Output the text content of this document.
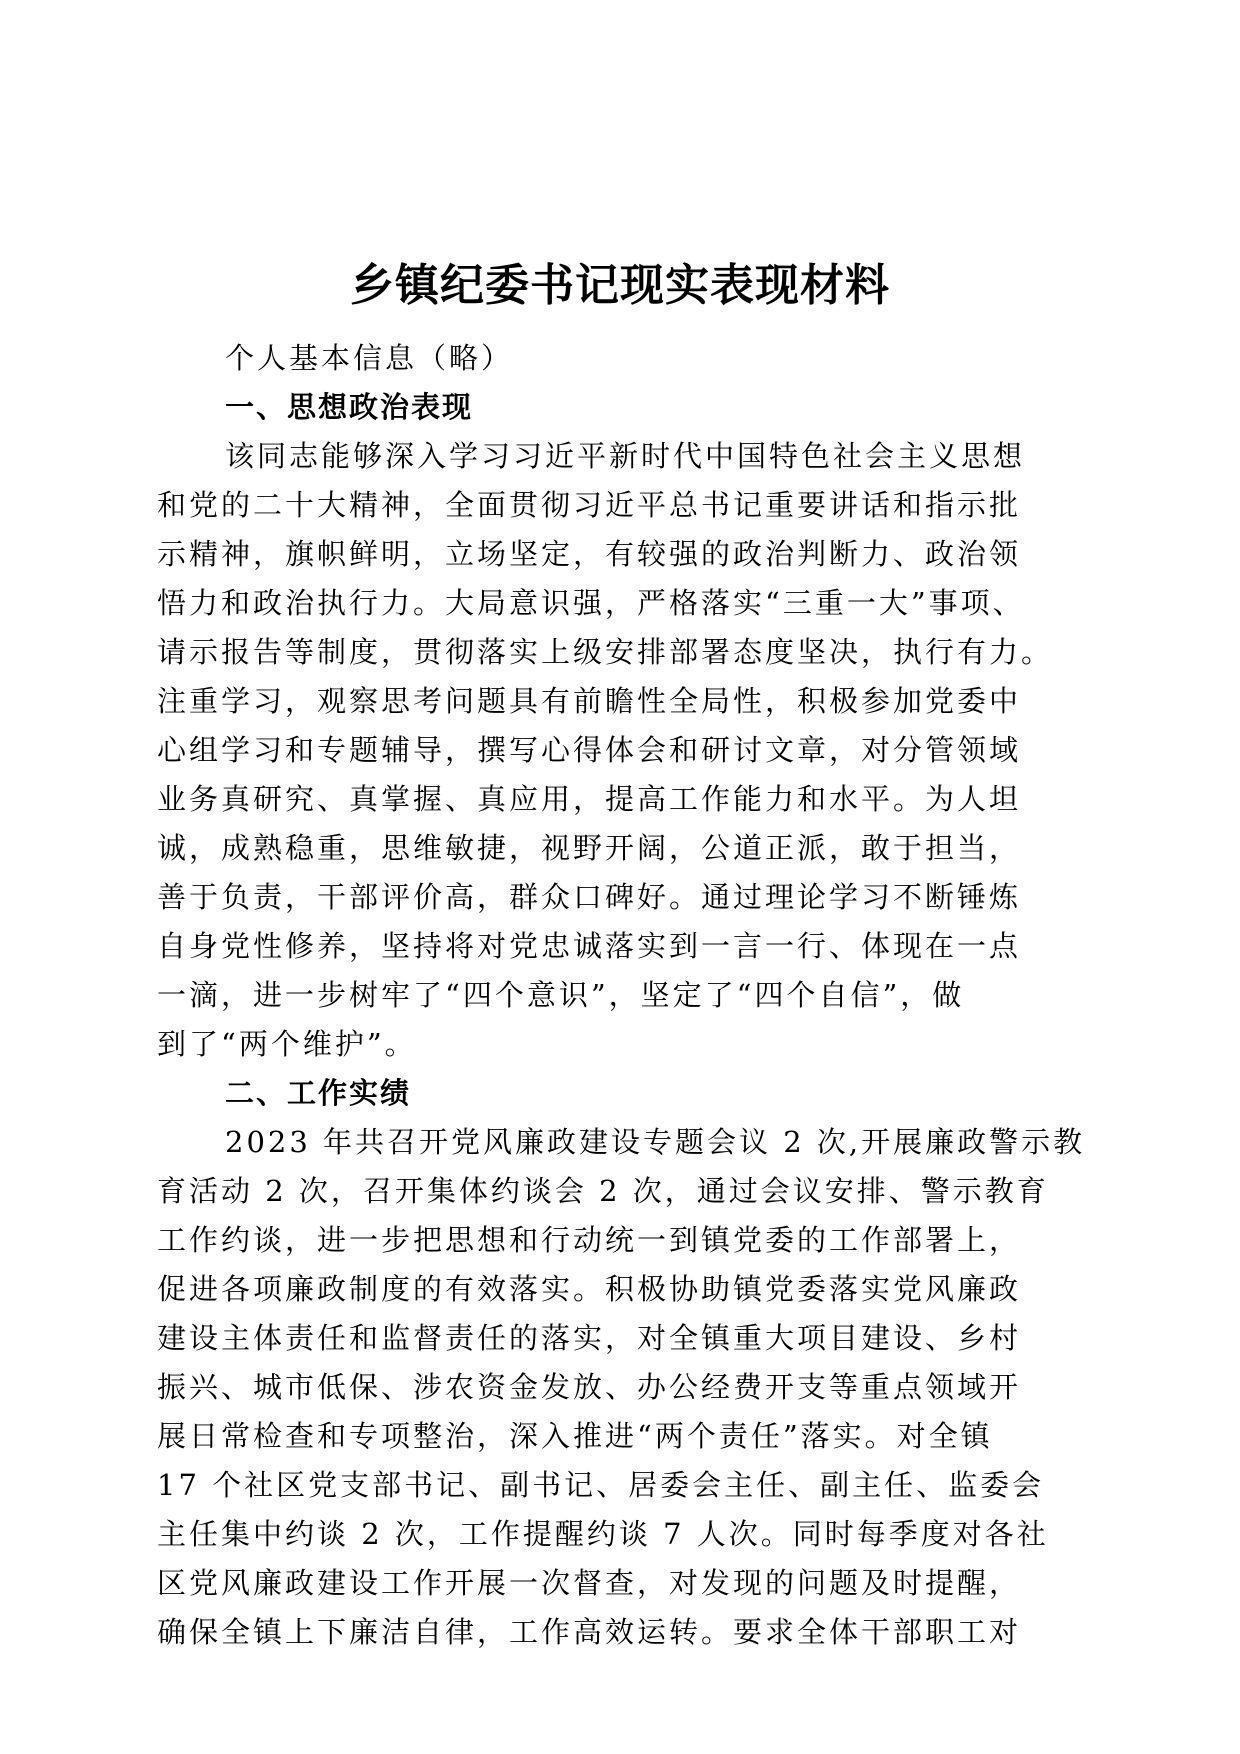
乡镇纪委书记现实表现材料
个人基本信息（略）
一、思想政治表现
该同志能够深入学习习近平新时代中国特色社会主义思想
和党的二十大精神，全面贯彻习近平总书记重要讲话和指示批
示精神，旗帜鲜明，立场坚定，有较强的政治判断力、政治领
悟力和政治执行力。大局意识强，严格落实“三重一大”事项、
请示报告等制度，贯彻落实上级安排部署态度坚决，执行有力。
注重学习，观察思考问题具有前瞻性全局性，积极参加党委中
心组学习和专题辅导，撰写心得体会和研讨文章，对分管领域
业务真研究、真掌握、真应用，提高工作能力和水平。为人坦
诚，成熟稳重，思维敏捷，视野开阔，公道正派，敢于担当，
善于负责，干部评价高，群众口碑好。通过理论学习不断锤炼
自身党性修养，坚持将对党忠诚落实到一言一行、体现在一点
一滴，进一步树牢了“四个意识”，坚定了“四个自信”，做
到了“两个维护”。
二、工作实绩
2023 年共召开党风廉政建设专题会议 2 次,开展廉政警示教
育活动 2 次，召开集体约谈会 2 次，通过会议安排、警示教育
工作约谈，进一步把思想和行动统一到镇党委的工作部署上，
促进各项廉政制度的有效落实。积极协助镇党委落实党风廉政
建设主体责任和监督责任的落实，对全镇重大项目建设、乡村
振兴、城市低保、涉农资金发放、办公经费开支等重点领域开
展日常检查和专项整治，深入推进“两个责任”落实。对全镇
17 个社区党支部书记、副书记、居委会主任、副主任、监委会
主任集中约谈 2 次，工作提醒约谈 7 人次。同时每季度对各社
区党风廉政建设工作开展一次督查，对发现的问题及时提醒，
确保全镇上下廉洁自律，工作高效运转。要求全体干部职工对
